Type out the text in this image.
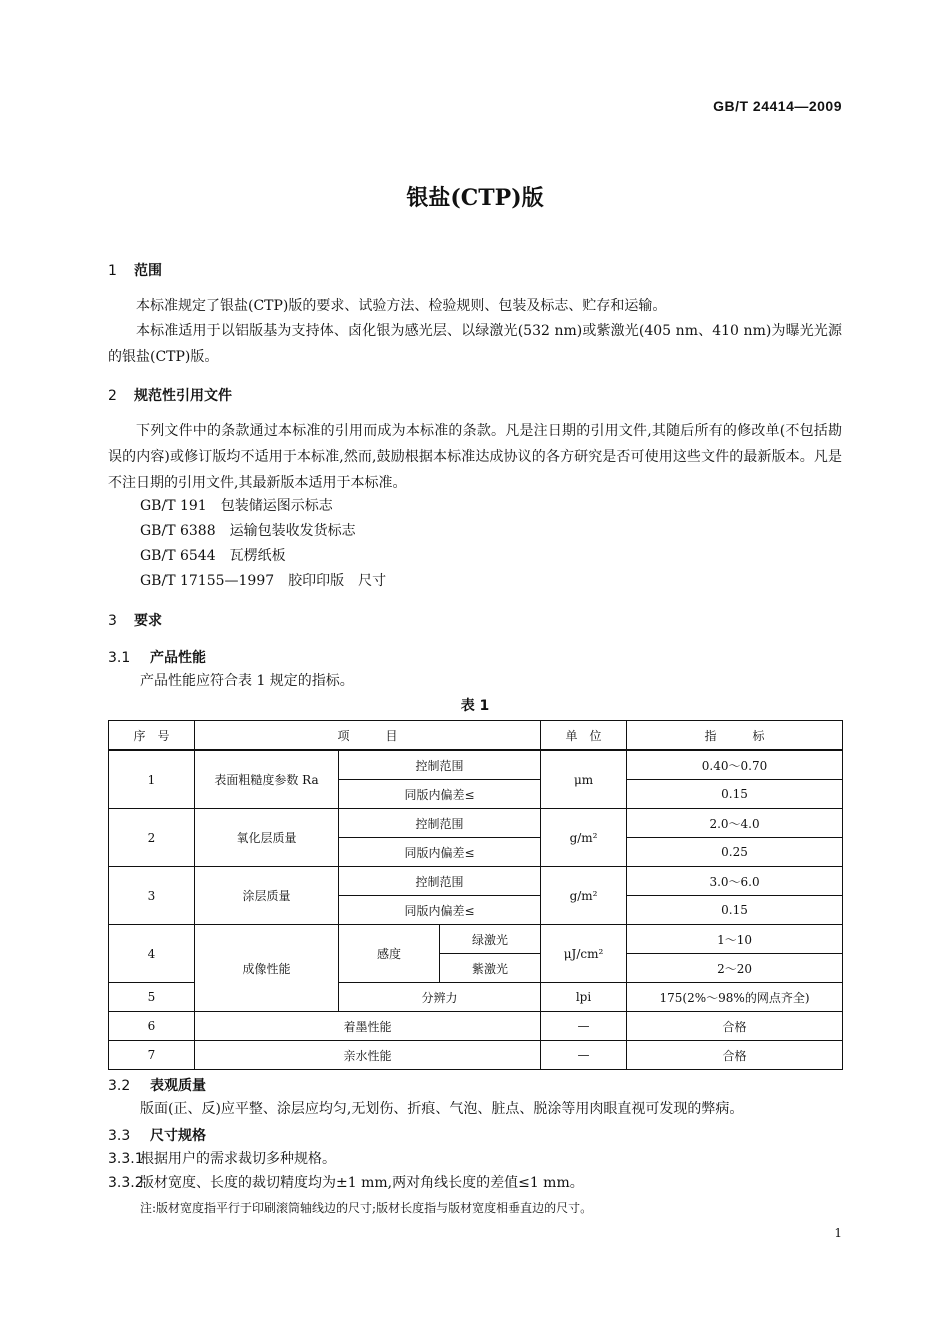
GB/T 24414—2009
银盐(CTP)版
1 范围
本标准规定了银盐(CTP)版的要求、试验方法、检验规则、包装及标志、贮存和运输。
本标准适用于以铝版基为支持体、卤化银为感光层、以绿激光(532 nm)或紫激光(405 nm、410 nm)为曝光光源的银盐(CTP)版。
2 规范性引用文件
下列文件中的条款通过本标准的引用而成为本标准的条款。凡是注日期的引用文件,其随后所有的修改单(不包括勘误的内容)或修订版均不适用于本标准,然而,鼓励根据本标准达成协议的各方研究是否可使用这些文件的最新版本。凡是不注日期的引用文件,其最新版本适用于本标准。
GB/T 191 包装储运图示标志
GB/T 6388 运输包装收发货标志
GB/T 6544 瓦楞纸板
GB/T 17155—1997 胶印印版　尺寸
3 要求
3.1 产品性能
产品性能应符合表 1 规定的指标。
表 1
序　号	项　　　目			单　位	指　　　标
1	表面粗糙度参数 Ra	控制范围		μm	0.40～0.70
		同版内偏差≤			0.15
2	氧化层质量	控制范围		g/m²	2.0～4.0
		同版内偏差≤			0.25
3	涂层质量	控制范围		g/m²	3.0～6.0
		同版内偏差≤			0.15
4	成像性能	感度	绿激光	μJ/cm²	1～10
			紫激光		2～20
5		分辨力		lpi	175(2%～98%的网点齐全)
6	着墨性能			—	合格
7	亲水性能			—	合格
3.2 表观质量
版面(正、反)应平整、涂层应均匀,无划伤、折痕、气泡、脏点、脱涂等用肉眼直视可发现的弊病。
3.3 尺寸规格
3.3.1根据用户的需求裁切多种规格。
3.3.2版材宽度、长度的裁切精度均为±1 mm,两对角线长度的差值≤1 mm。
注:版材宽度指平行于印刷滚筒轴线边的尺寸;版材长度指与版材宽度相垂直边的尺寸。
1
